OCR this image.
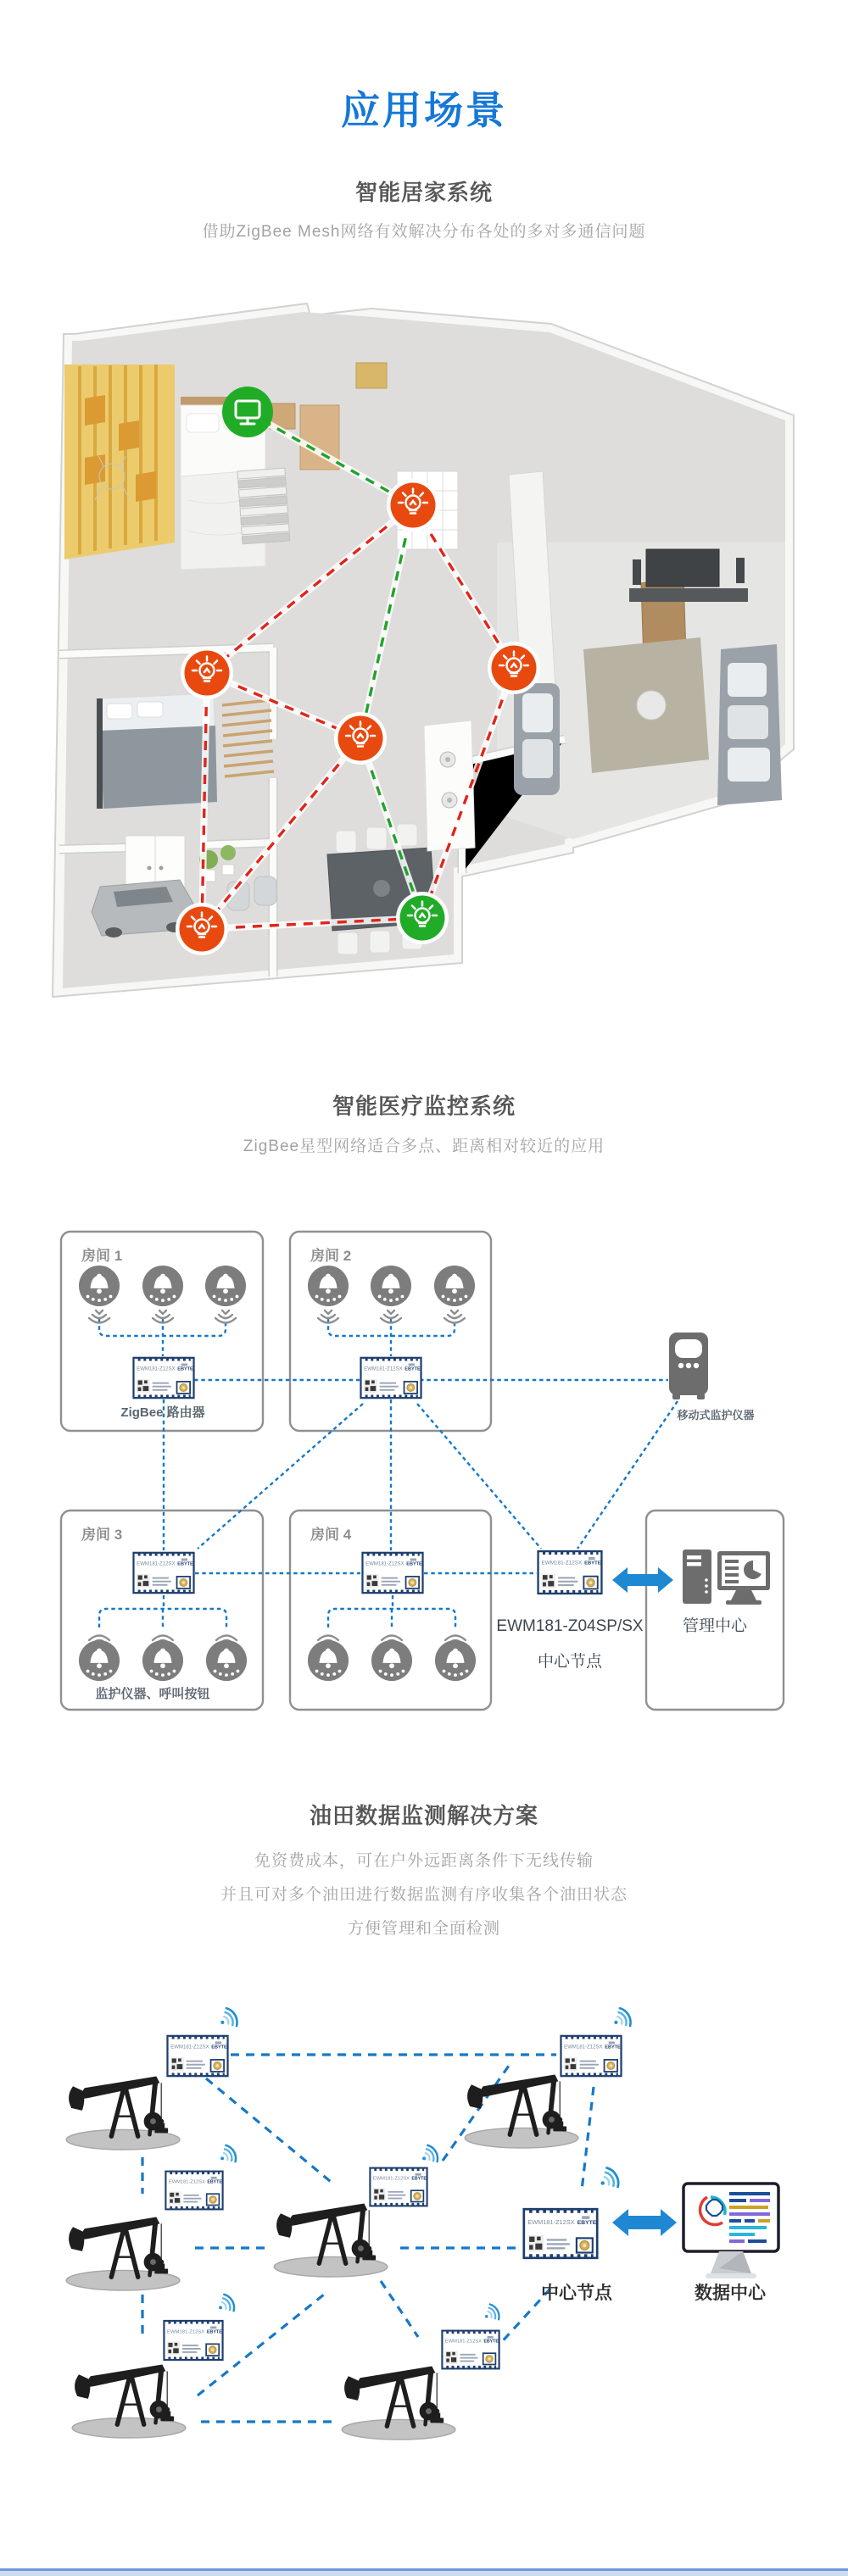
应用场景
智能居家系统
借助ZigBee Mesh网络有效解决分布各处的多对多通信问题
智能医疗监控系统
ZigBee星型网络适合多点、距离相对较近的应用
房间 1	房间 2
房间 3	房间 4
ZigBee 路由器
监护仪器、呼叫按钮
移动式监护仪器
EWM181-Z04SP/SX
中心节点
管理中心
油田数据监测解决方案
免资费成本，可在户外远距离条件下无线传输
并且可对多个油田进行数据监测有序收集各个油田状态
方便管理和全面检测
中心节点	数据中心
